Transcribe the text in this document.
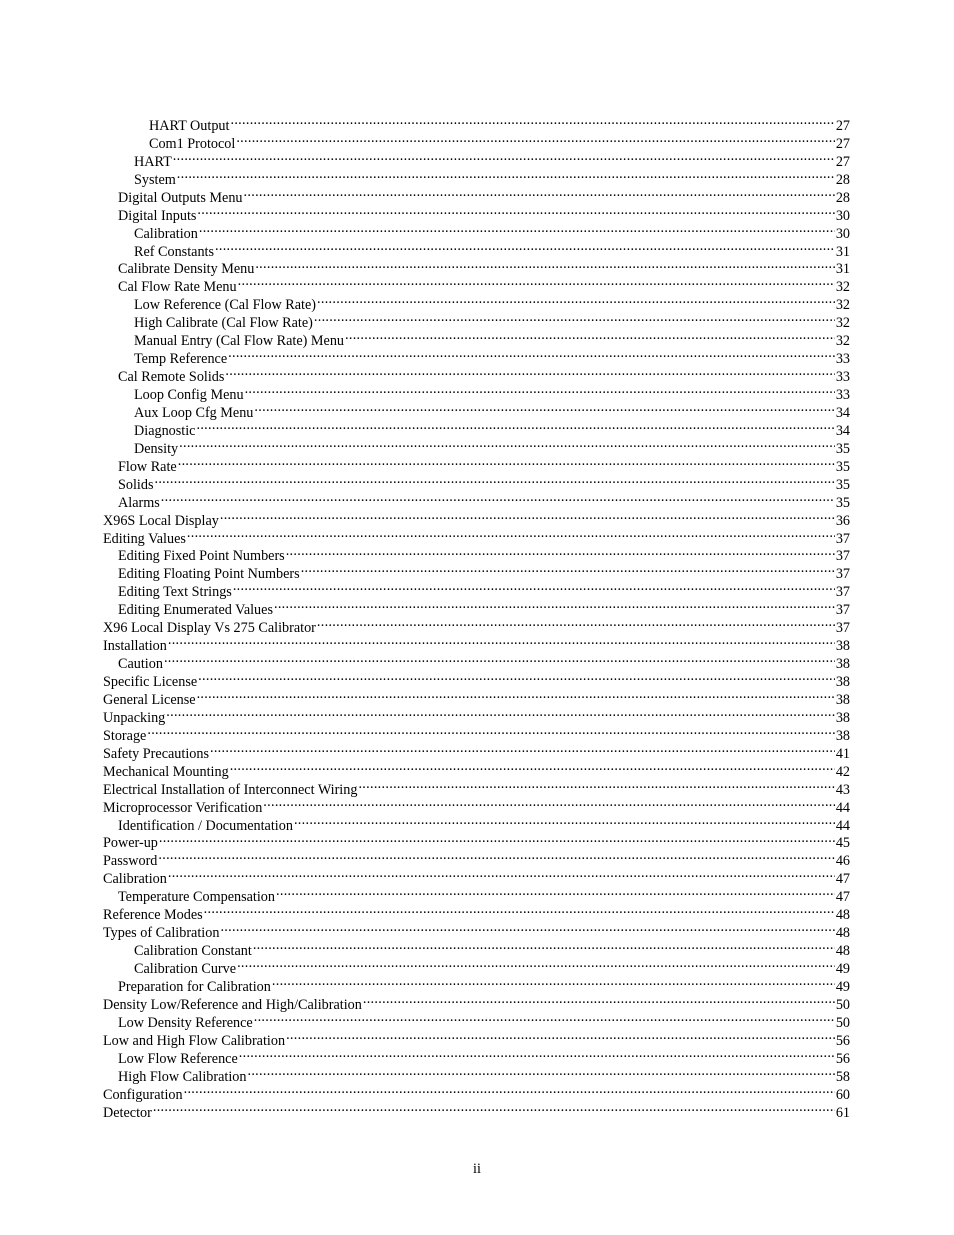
HART Output .....	27
Com1 Protocol .....	27
HART .....	27
System .....	28
Digital Outputs Menu .....	28
Digital Inputs .....	30
Calibration .....	30
Ref Constants .....	31
Calibrate Density Menu .....	31
Cal Flow Rate Menu .....	32
Low Reference (Cal Flow Rate) .....	32
High Calibrate (Cal Flow Rate) .....	32
Manual Entry (Cal Flow Rate) Menu .....	32
Temp Reference .....	33
Cal Remote Solids .....	33
Loop Config Menu .....	33
Aux Loop Cfg Menu .....	34
Diagnostic .....	34
Density .....	35
Flow Rate .....	35
Solids .....	35
Alarms .....	35
X96S Local Display .....	36
Editing Values .....	37
Editing Fixed Point Numbers .....	37
Editing Floating Point Numbers .....	37
Editing Text Strings .....	37
Editing Enumerated Values .....	37
X96 Local Display Vs 275 Calibrator .....	37
Installation .....	38
Caution .....	38
Specific License .....	38
General License .....	38
Unpacking .....	38
Storage .....	38
Safety Precautions .....	41
Mechanical Mounting .....	42
Electrical Installation of Interconnect Wiring .....	43
Microprocessor Verification .....	44
Identification / Documentation .....	44
Power-up .....	45
Password .....	46
Calibration .....	47
Temperature Compensation .....	47
Reference Modes .....	48
Types of Calibration .....	48
Calibration Constant .....	48
Calibration Curve .....	49
Preparation for Calibration .....	49
Density Low/Reference and High/Calibration .....	50
Low Density Reference .....	50
Low and High Flow Calibration .....	56
Low Flow Reference .....	56
High Flow Calibration .....	58
Configuration .....	60
Detector .....	61
ii
